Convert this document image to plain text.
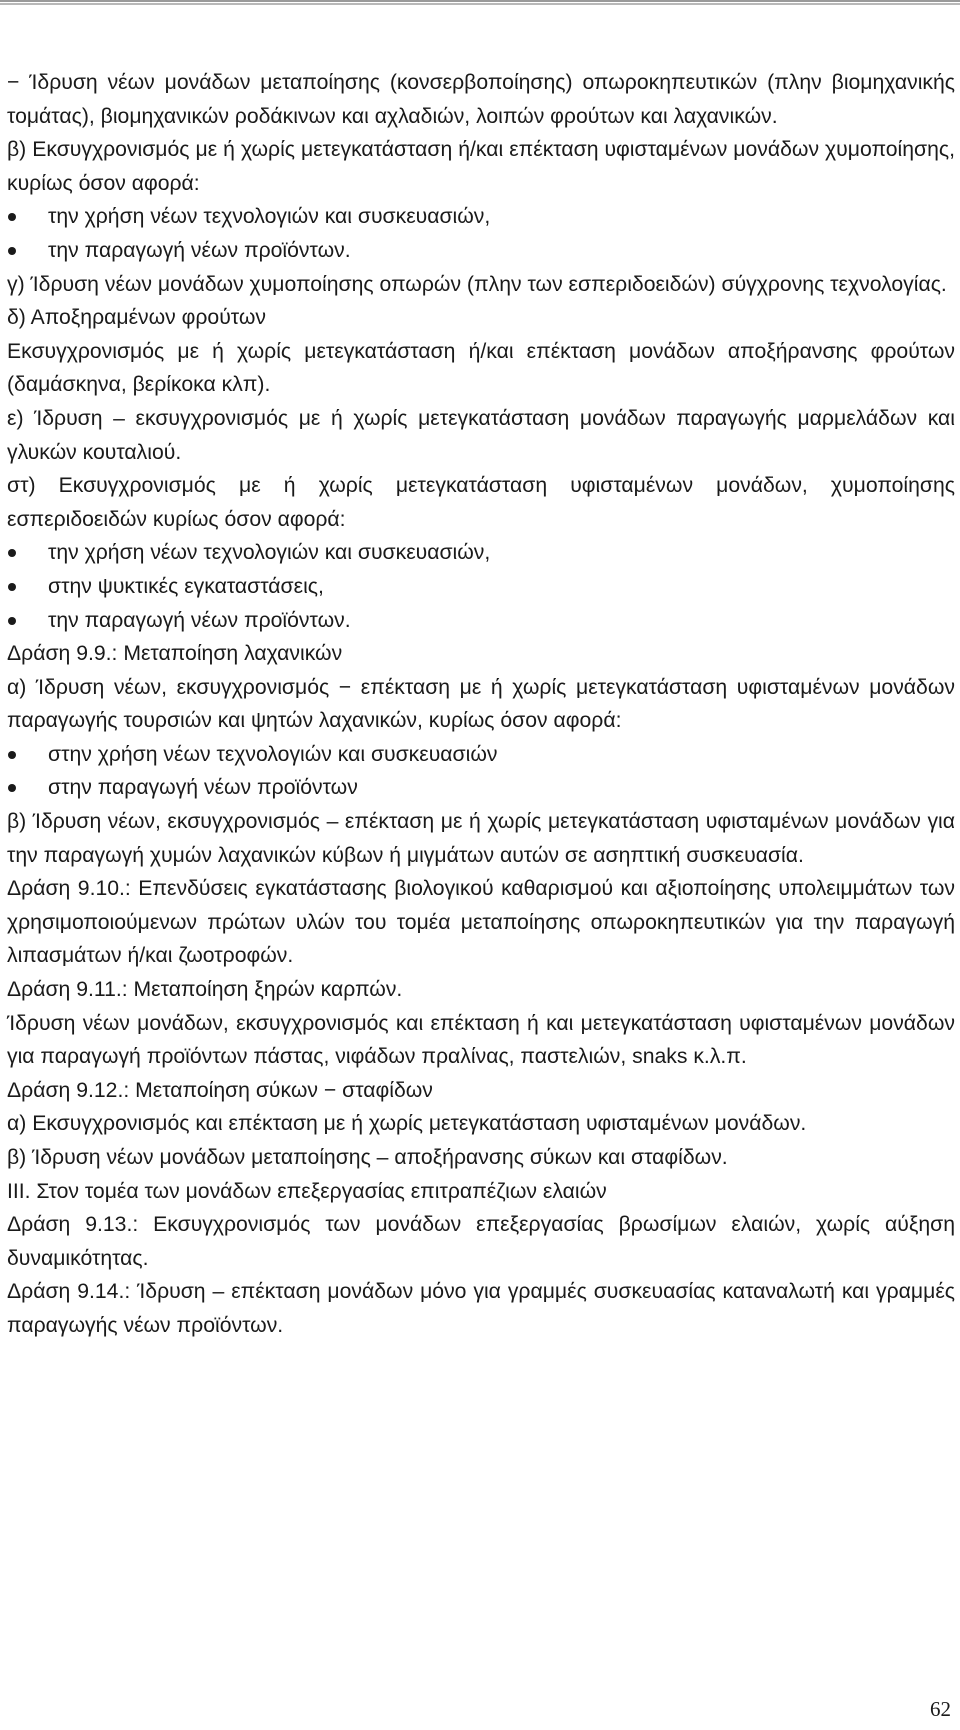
− Ίδρυση νέων μονάδων μεταποίησης (κονσερβοποίησης) οπωροκηπευτικών (πλην βιομηχανικής τομάτας), βιομηχανικών ροδάκινων και αχλαδιών, λοιπών φρούτων και λαχανικών.

β) Εκσυγχρονισμός με ή χωρίς μετεγκατάσταση ή/και επέκταση υφισταμένων μονάδων χυμοποίησης, κυρίως όσον αφορά:

την χρήση νέων τεχνολογιών και συσκευασιών,
την παραγωγή νέων προϊόντων.

γ) Ίδρυση νέων μονάδων χυμοποίησης οπωρών (πλην των εσπεριδοειδών) σύγχρονης τεχνολογίας.

δ) Αποξηραμένων φρούτων

Εκσυγχρονισμός με ή χωρίς μετεγκατάσταση ή/και επέκταση μονάδων αποξήρανσης φρούτων (δαμάσκηνα, βερίκοκα κλπ).

ε) Ίδρυση – εκσυγχρονισμός με ή χωρίς μετεγκατάσταση μονάδων παραγωγής μαρμελάδων και γλυκών κουταλιού.

στ) Εκσυγχρονισμός με ή χωρίς μετεγκατάσταση υφισταμένων μονάδων, χυμοποίησης εσπεριδοειδών κυρίως όσον αφορά:

την χρήση νέων τεχνολογιών και συσκευασιών,
στην ψυκτικές εγκαταστάσεις,
την παραγωγή νέων προϊόντων.

Δράση 9.9.: Μεταποίηση λαχανικών

α) Ίδρυση νέων, εκσυγχρονισμός − επέκταση με ή χωρίς μετεγκατάσταση υφισταμένων μονάδων παραγωγής τουρσιών και ψητών λαχανικών, κυρίως όσον αφορά:

στην χρήση νέων τεχνολογιών και συσκευασιών
στην παραγωγή νέων προϊόντων

β) Ίδρυση νέων, εκσυγχρονισμός – επέκταση με ή χωρίς μετεγκατάσταση υφισταμένων μονάδων για την παραγωγή χυμών λαχανικών κύβων ή μιγμάτων αυτών σε ασηπτική συσκευασία.

Δράση 9.10.: Επενδύσεις εγκατάστασης βιολογικού καθαρισμού και αξιοποίησης υπολειμμάτων των χρησιμοποιούμενων πρώτων υλών του τομέα μεταποίησης οπωροκηπευτικών για την παραγωγή λιπασμάτων ή/και ζωοτροφών.

Δράση 9.11.: Μεταποίηση ξηρών καρπών.

Ίδρυση νέων μονάδων, εκσυγχρονισμός και επέκταση ή και μετεγκατάσταση υφισταμένων μονάδων για παραγωγή προϊόντων πάστας, νιφάδων πραλίνας, παστελιών, snaks κ.λ.π.

Δράση 9.12.: Μεταποίηση σύκων − σταφίδων

α) Εκσυγχρονισμός και επέκταση με ή χωρίς μετεγκατάσταση υφισταμένων μονάδων.

β) Ίδρυση νέων μονάδων μεταποίησης – αποξήρανσης σύκων και σταφίδων.

ΙΙΙ. Στον τομέα των μονάδων επεξεργασίας επιτραπέζιων ελαιών

Δράση 9.13.: Εκσυγχρονισμός των μονάδων επεξεργασίας βρωσίμων ελαιών, χωρίς αύξηση δυναμικότητας.

Δράση 9.14.: Ίδρυση – επέκταση μονάδων μόνο για γραμμές συσκευασίας καταναλωτή και γραμμές παραγωγής νέων προϊόντων.

62
